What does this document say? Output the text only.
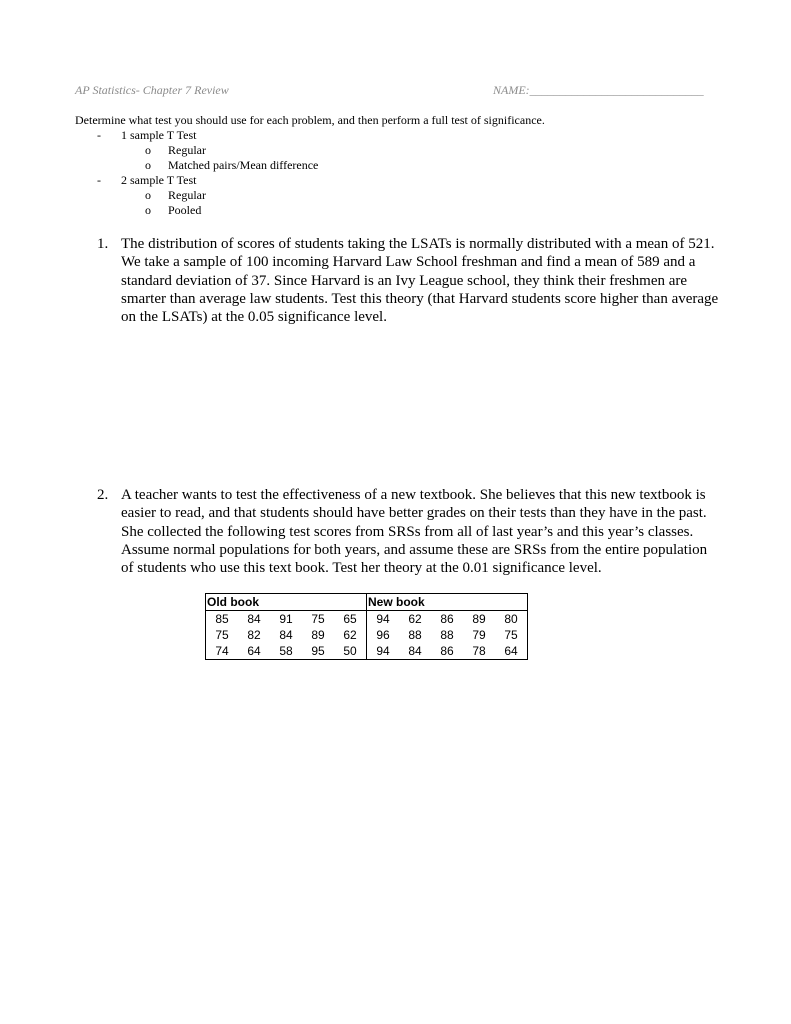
AP Statistics- Chapter 7 Review	NAME:_____________________________
Determine what test you should use for each problem, and then perform a full test of significance.
- 1 sample T Test
o Regular
o Matched pairs/Mean difference
- 2 sample T Test
o Regular
o Pooled
1. The distribution of scores of students taking the LSATs is normally distributed with a mean of 521. We take a sample of 100 incoming Harvard Law School freshman and find a mean of 589 and a standard deviation of 37. Since Harvard is an Ivy League school, they think their freshmen are smarter than average law students. Test this theory (that Harvard students score higher than average on the LSATs) at the 0.05 significance level.
2. A teacher wants to test the effectiveness of a new textbook. She believes that this new textbook is easier to read, and that students should have better grades on their tests than they have in the past. She collected the following test scores from SRSs from all of last year’s and this year’s classes. Assume normal populations for both years, and assume these are SRSs from the entire population of students who use this text book. Test her theory at the 0.01 significance level.
Old book					New book				
85	84	91	75	65	94	62	86	89	80
75	82	84	89	62	96	88	88	79	75
74	64	58	95	50	94	84	86	78	64
